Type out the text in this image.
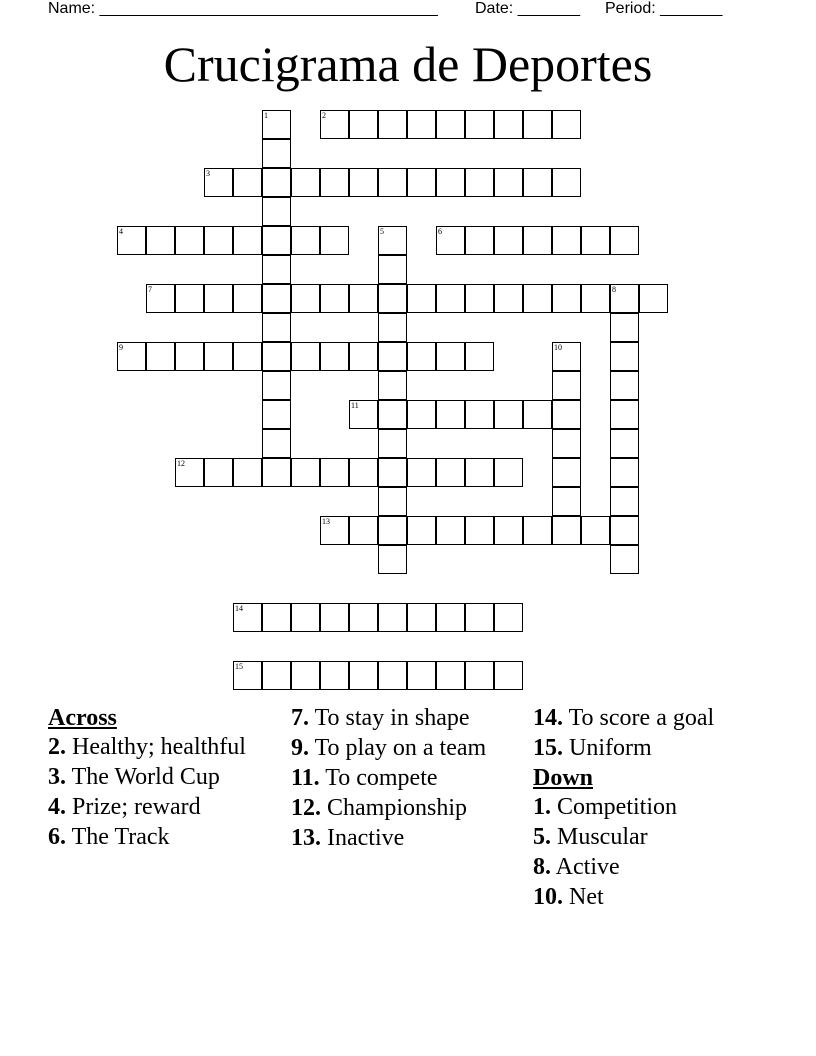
Name: ______________________________________ Date: _______ Period: _______
Crucigrama de Deportes
1	2
3
4	5	6
7	8
9	10
11
12
13
14
15
Across
2. Healthy; healthful
3. The World Cup
4. Prize; reward
6. The Track
7. To stay in shape
9. To play on a team
11. To compete
12. Championship
13. Inactive
14. To score a goal
15. Uniform
Down
1. Competition
5. Muscular
8. Active
10. Net
